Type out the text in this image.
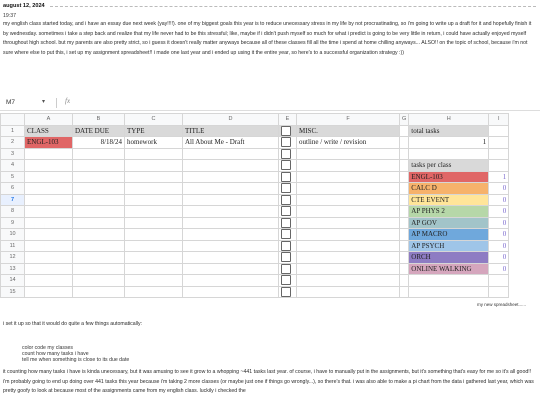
august 12, 2024
19:37

my english class started today, and i have an essay due next week (yay!!!!). one of my biggest goals this year is to reduce unecessary stress in my life by not procrastinating, so i'm going to write up a draft for it and hopefully finish it by wednesday. sometimes i take a step back and realize that my life never had to be this stressful; like, maybe if i didn't push myself so much for what i predict is going to be very little in return, i could have actually enjoyed myself throughout high school. but my parents are also pretty strict, so i guess it doesn't really matter anyways because all of these classes fill all the time i spend at home chilling anyways... ALSO!! on the topic of school, because i'm not sure where else to put this, i set up my assignment spreadsheet!! i made one last year and i ended up using it the entire year, so here's to a successful organization strategy :))

M7	▾	fx
	A	B	C	D	E	F	G	H	I
1	CLASS	DATE DUE	TYPE	TITLE		MISC.		total tasks	
2	ENGL-103	8/18/24	homework	All About Me - Draft		outline / write / revision		1	
3									
4								tasks per class	
5								ENGL-103	1
6								CALC D	0
7								CTE EVENT	0
8								AP PHYS 2	0
9								AP GOV	0
10								AP MACRO	0
11								AP PSYCH	0
12								ORCH	0
13								ONLINE WALKING	0
14									
15									
my new spreadsheet......

i set it up so that it would do quite a few things automatically:

color code my classes
count how many tasks i have
tell me when something is close to its due date

it counting how many tasks i have is kinda unecessary, but it was amusing to see it grow to a whopping ~441 tasks last year. of course, i have to manually put in the assignments, but it's something that's easy for me so it's all good!! i'm probably going to end up doing over 441 tasks this year because i'm taking 2 more classes (or maybe just one if things go wrongly...), so there's that. i was also able to make a pi chart from the data i gathered last year, which was pretty goofy to look at because most of the assignments came from my english class. luckily i checked the
